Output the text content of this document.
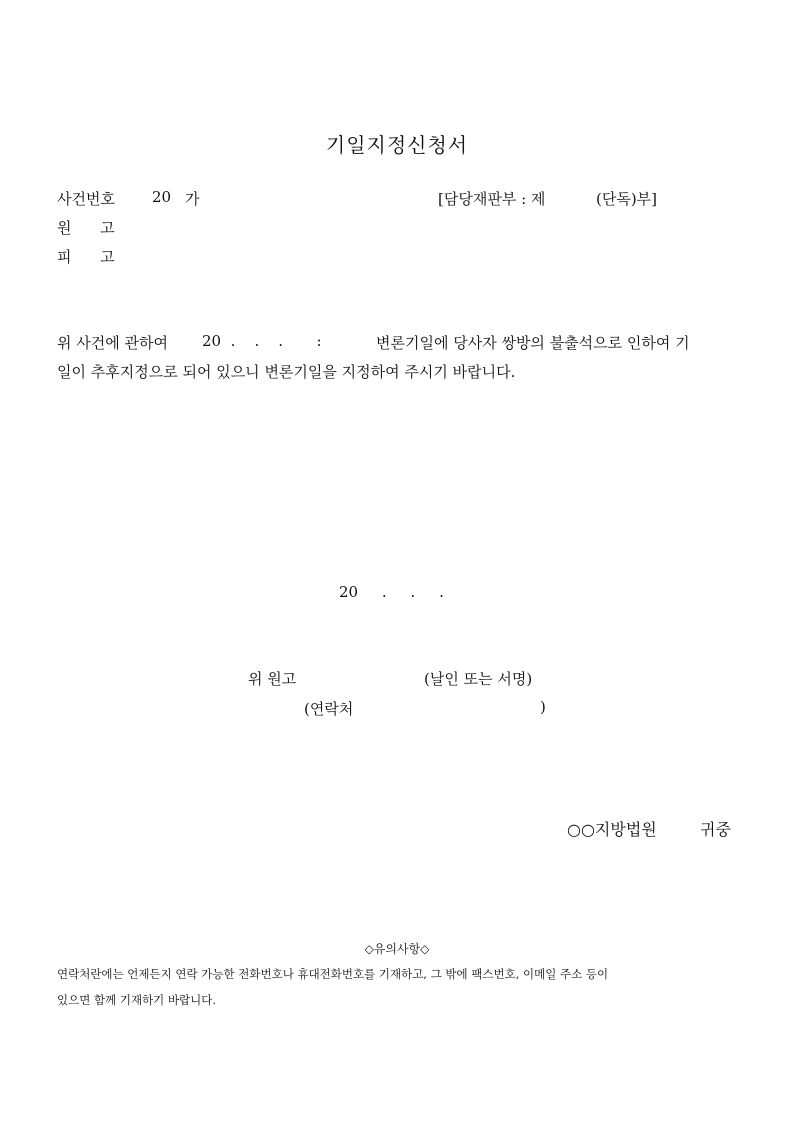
기일지정신청서
사건번호 20 가	[담당재판부 : 제	(단독)부]
원      고
피      고
위 사건에 관하여 20  .    .    .       :	변론기일에 당사자 쌍방의 불출석으로 인하여 기
일이 추후지정으로 되어 있으니 변론기일을 지정하여 주시기 바랍니다.
20     .     .     .
위 원고	(날인 또는 서명)
(연락처	)
○○지방법원	귀중
◇유의사항◇
연락처란에는 언제든지 연락 가능한 전화번호나 휴대전화번호를 기재하고, 그 밖에 팩스번호, 이메일 주소 등이
있으면 함께 기재하기 바랍니다.
